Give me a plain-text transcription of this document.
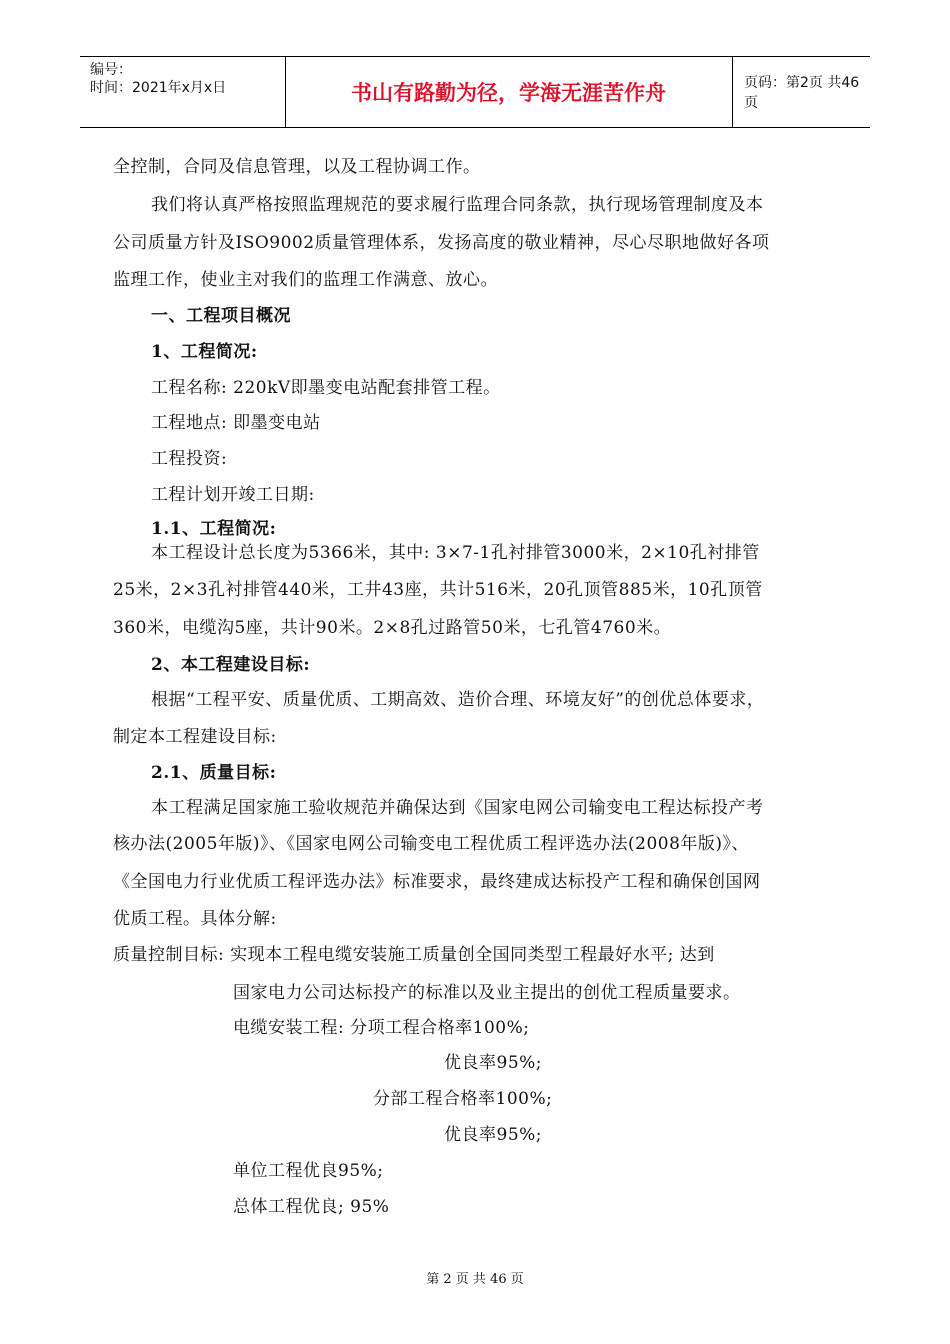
编号：
时间：2021年x月x日	书山有路勤为径，学海无涯苦作舟	页码：第2页 共46页
全控制，合同及信息管理，以及工程协调工作。
我们将认真严格按照监理规范的要求履行监理合同条款，执行现场管理制度及本
公司质量方针及ISO9002质量管理体系，发扬高度的敬业精神，尽心尽职地做好各项
监理工作，使业主对我们的监理工作满意、放心。
一、工程项目概况
1、工程简况:
工程名称: 220kV即墨变电站配套排管工程。
工程地点: 即墨变电站
工程投资:
工程计划开竣工日期:
1.1、工程简况:
本工程设计总长度为5366米，其中: 3×7-1孔衬排管3000米，2×10孔衬排管
25米，2×3孔衬排管440米，工井43座，共计516米，20孔顶管885米，10孔顶管
360米，电缆沟5座，共计90米。2×8孔过路管50米，七孔管4760米。
2、本工程建设目标:
根据“工程平安、质量优质、工期高效、造价合理、环境友好”的创优总体要求，
制定本工程建设目标:
2.1、质量目标:
本工程满足国家施工验收规范并确保达到《国家电网公司输变电工程达标投产考
核办法(2005年版)》、《国家电网公司输变电工程优质工程评选办法(2008年版)》、
《全国电力行业优质工程评选办法》标准要求，最终建成达标投产工程和确保创国网
优质工程。具体分解:
质量控制目标: 实现本工程电缆安装施工质量创全国同类型工程最好水平; 达到
国家电力公司达标投产的标准以及业主提出的创优工程质量要求。
电缆安装工程: 分项工程合格率100%;
优良率95%;
分部工程合格率100%;
优良率95%;
单位工程优良95%;
总体工程优良; 95%
第 2 页 共 46 页
